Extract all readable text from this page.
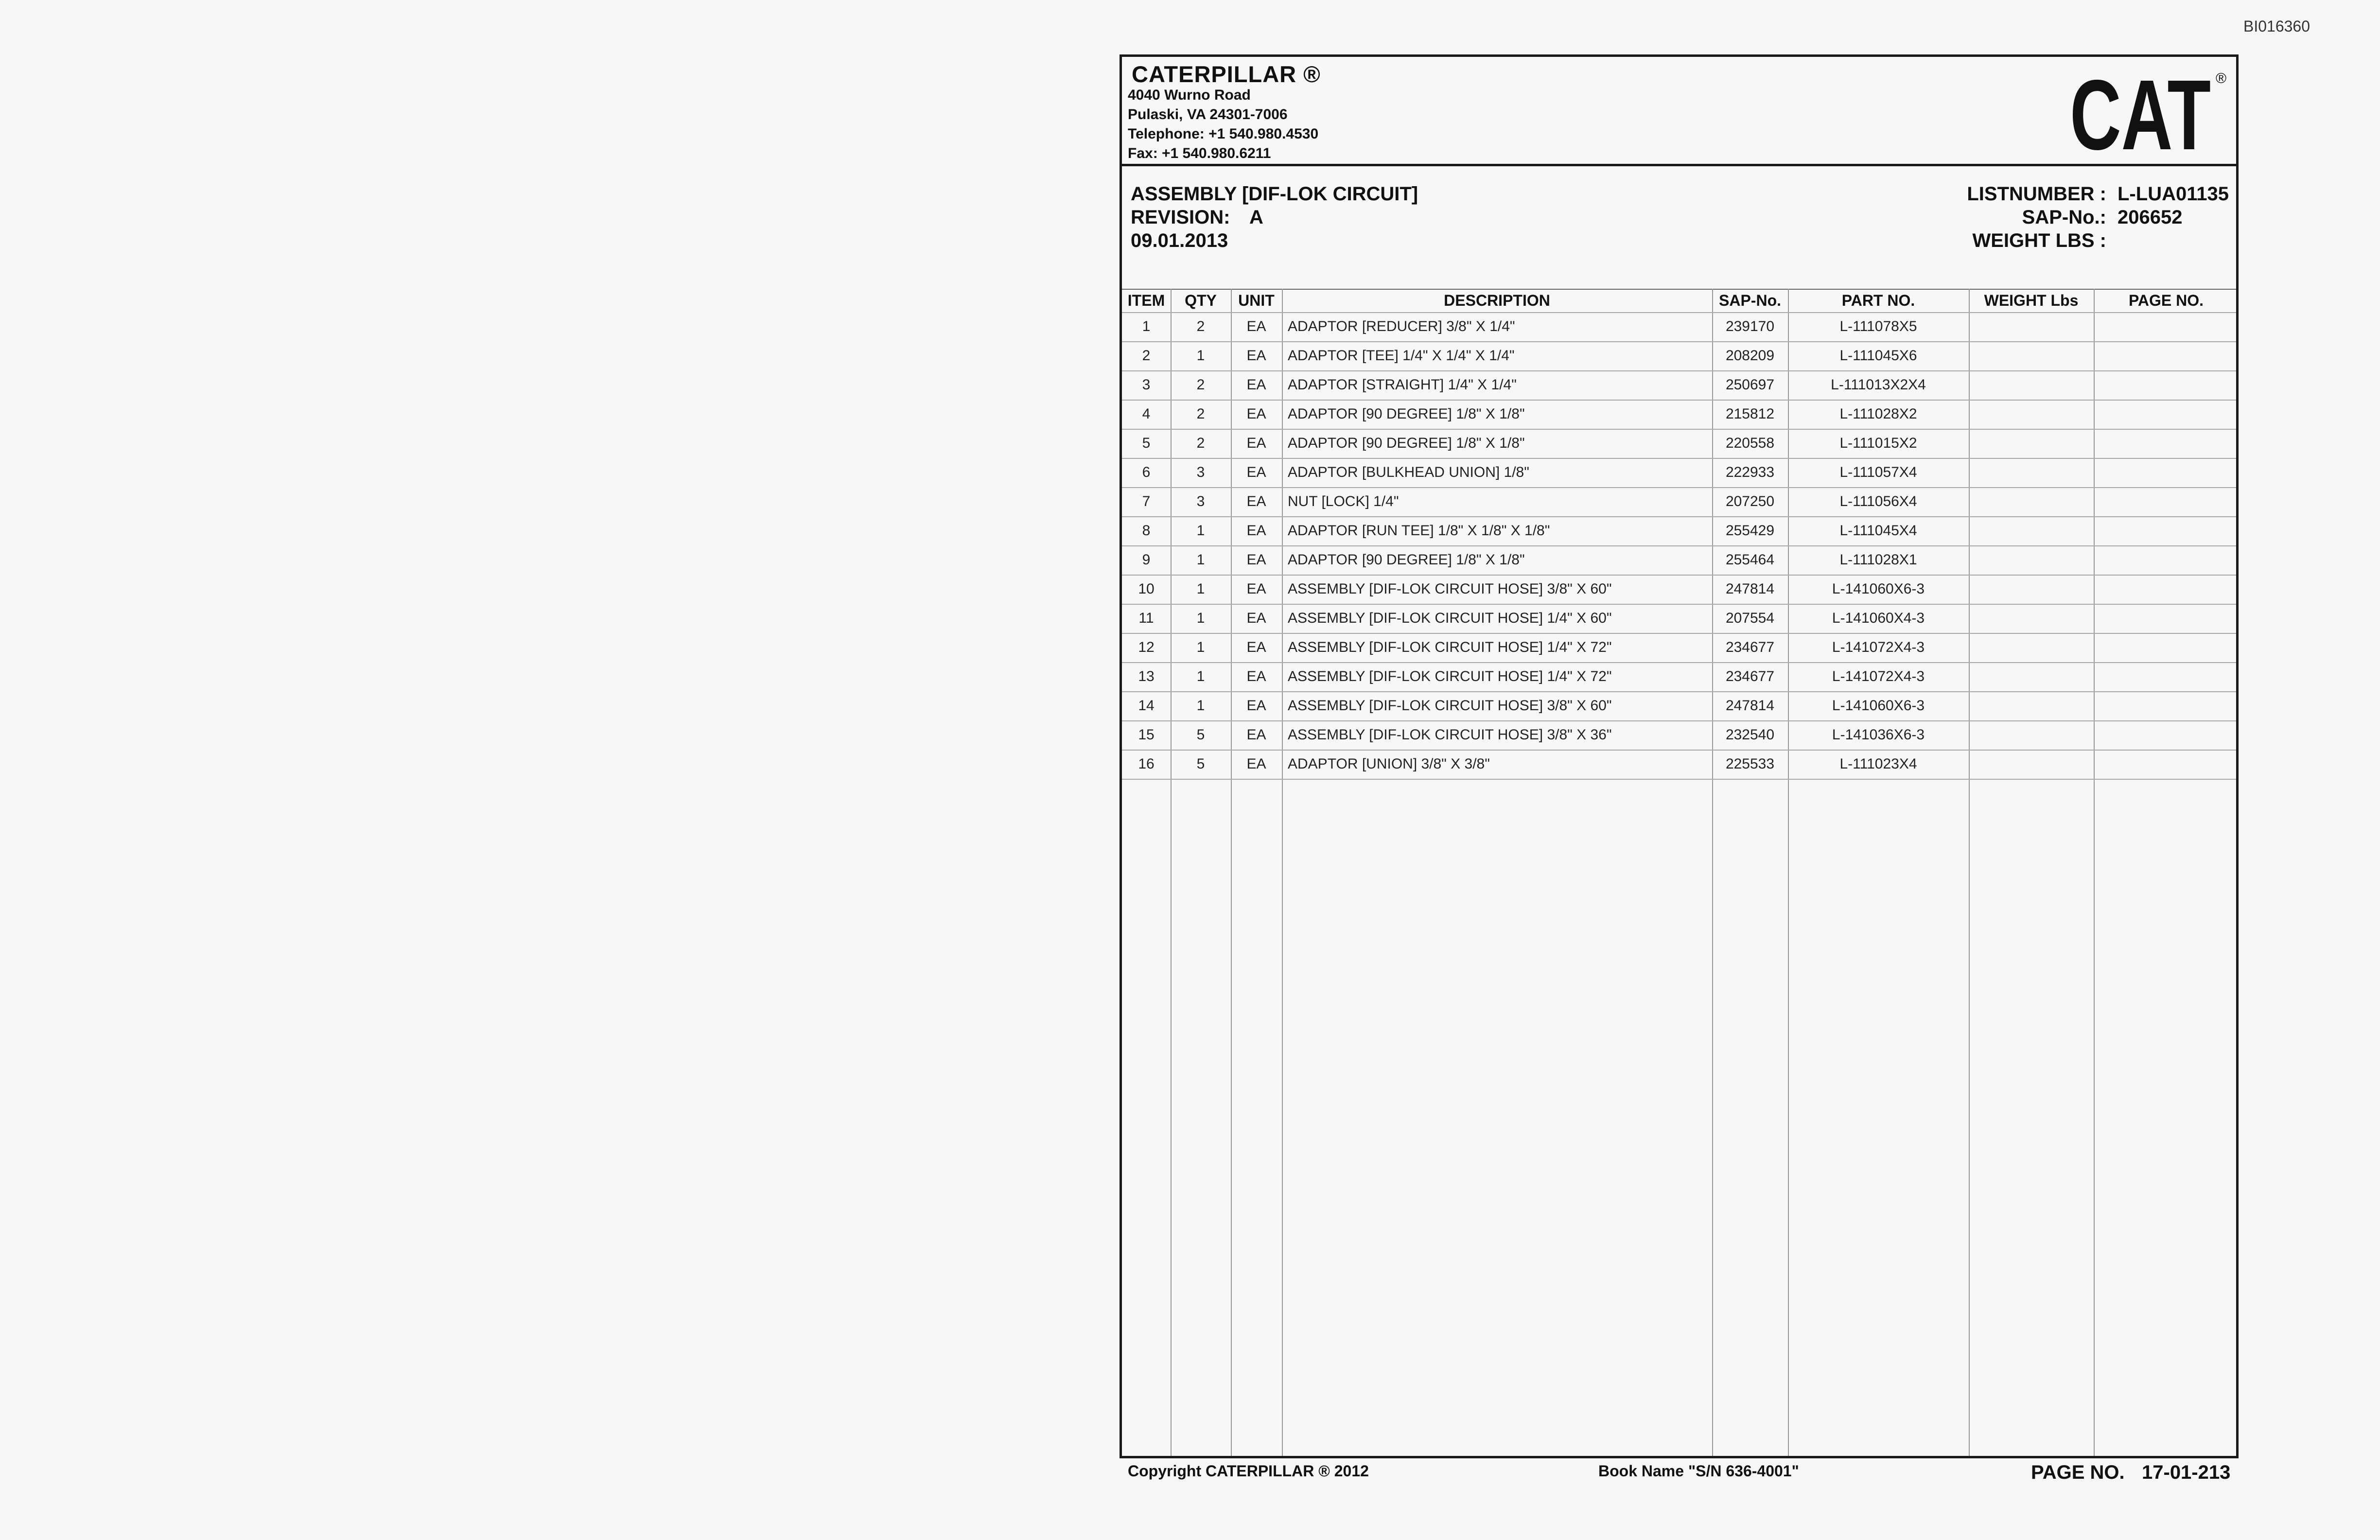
BI016360
CATERPILLAR ®
4040 Wurno Road
Pulaski, VA 24301-7006
Telephone: +1 540.980.4530
Fax: +1 540.980.6211	CAT ®
ASSEMBLY [DIF-LOK CIRCUIT]
REVISION: A
09.01.2013
LISTNUMBER : L-LUA01135
SAP-No.: 206652
WEIGHT LBS :
ITEM	QTY	UNIT	DESCRIPTION	SAP-No.	PART NO.	WEIGHT Lbs	PAGE NO.
1	2	EA	ADAPTOR [REDUCER] 3/8" X 1/4"	239170	L-111078X5
2	1	EA	ADAPTOR [TEE] 1/4" X 1/4" X 1/4"	208209	L-111045X6
3	2	EA	ADAPTOR [STRAIGHT] 1/4" X 1/4"	250697	L-111013X2X4
4	2	EA	ADAPTOR [90 DEGREE] 1/8" X 1/8"	215812	L-111028X2
5	2	EA	ADAPTOR [90 DEGREE] 1/8" X 1/8"	220558	L-111015X2
6	3	EA	ADAPTOR [BULKHEAD UNION] 1/8"	222933	L-111057X4
7	3	EA	NUT [LOCK] 1/4"	207250	L-111056X4
8	1	EA	ADAPTOR [RUN TEE] 1/8" X 1/8" X 1/8"	255429	L-111045X4
9	1	EA	ADAPTOR [90 DEGREE] 1/8" X 1/8"	255464	L-111028X1
10	1	EA	ASSEMBLY [DIF-LOK CIRCUIT HOSE] 3/8" X 60"	247814	L-141060X6-3
11	1	EA	ASSEMBLY [DIF-LOK CIRCUIT HOSE] 1/4" X 60"	207554	L-141060X4-3
12	1	EA	ASSEMBLY [DIF-LOK CIRCUIT HOSE] 1/4" X 72"	234677	L-141072X4-3
13	1	EA	ASSEMBLY [DIF-LOK CIRCUIT HOSE] 1/4" X 72"	234677	L-141072X4-3
14	1	EA	ASSEMBLY [DIF-LOK CIRCUIT HOSE] 3/8" X 60"	247814	L-141060X6-3
15	5	EA	ASSEMBLY [DIF-LOK CIRCUIT HOSE] 3/8" X 36"	232540	L-141036X6-3
16	5	EA	ADAPTOR [UNION] 3/8" X 3/8"	225533	L-111023X4
Copyright CATERPILLAR ® 2012	Book Name "S/N 636-4001"	PAGE NO. 17-01-213
